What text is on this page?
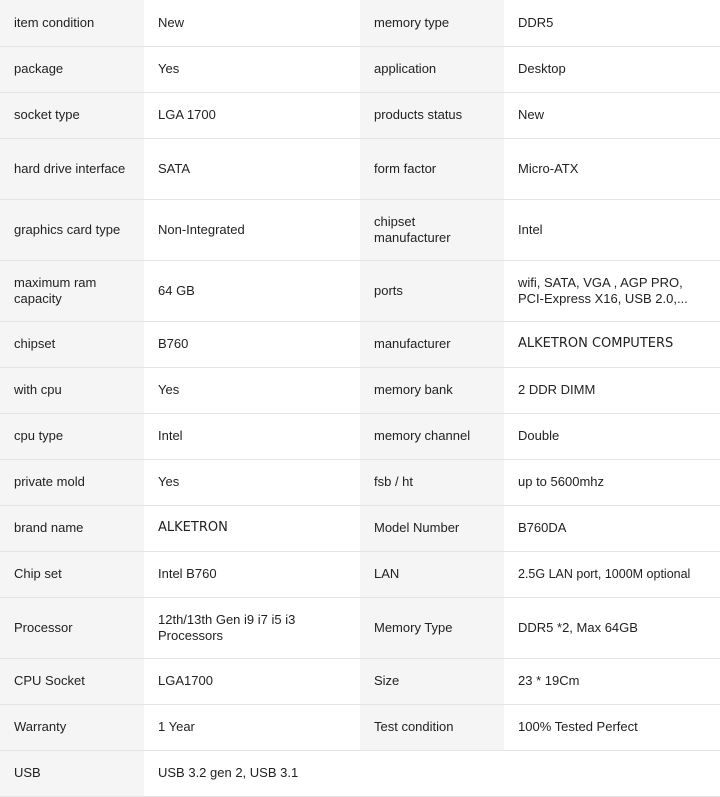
item condition	New	memory type	DDR5
package	Yes	application	Desktop
socket type	LGA 1700	products status	New
hard drive interface	SATA	form factor	Micro-ATX
graphics card type	Non-Integrated	chipset manufacturer	Intel
maximum ram capacity	64 GB	ports	wifi, SATA, VGA , AGP PRO, PCI-Express X16, USB 2.0,...
chipset	B760	manufacturer	ALKETRON COMPUTERS
with cpu	Yes	memory bank	2 DDR DIMM
cpu type	Intel	memory channel	Double
private mold	Yes	fsb / ht	up to 5600mhz
brand name	ALKETRON	Model Number	B760DA
Chip set	Intel B760	LAN	2.5G LAN port, 1000M optional
Processor	12th/13th Gen i9 i7 i5 i3 Processors	Memory Type	DDR5 *2, Max 64GB
CPU Socket	LGA1700	Size	23 * 19Cm
Warranty	1 Year	Test condition	100% Tested Perfect
USB	USB 3.2 gen 2, USB 3.1		
